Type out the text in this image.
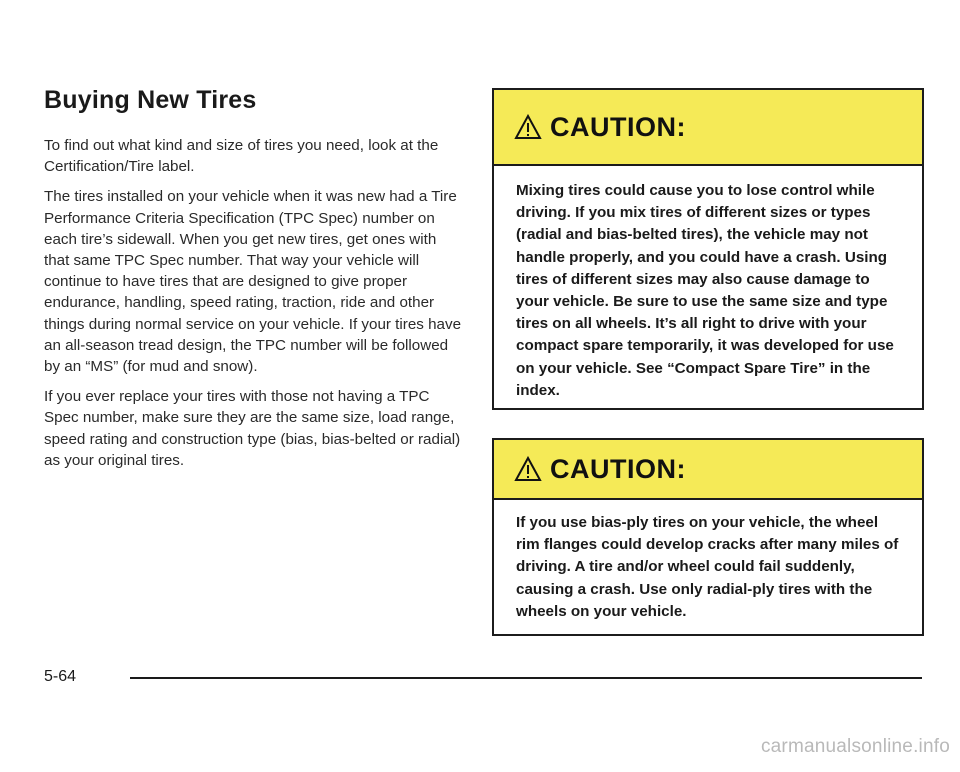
Buying New Tires

To find out what kind and size of tires you need, look at the Certification/Tire label.

The tires installed on your vehicle when it was new had a Tire Performance Criteria Specification (TPC Spec) number on each tire’s sidewall. When you get new tires, get ones with that same TPC Spec number. That way your vehicle will continue to have tires that are designed to give proper endurance, handling, speed rating, traction, ride and other things during normal service on your vehicle. If your tires have an all-season tread design, the TPC number will be followed by an “MS” (for mud and snow).

If you ever replace your tires with those not having a TPC Spec number, make sure they are the same size, load range, speed rating and construction type (bias, bias-belted or radial) as your original tires.

CAUTION:

Mixing tires could cause you to lose control while driving. If you mix tires of different sizes or types (radial and bias-belted tires), the vehicle may not handle properly, and you could have a crash. Using tires of different sizes may also cause damage to your vehicle. Be sure to use the same size and type tires on all wheels. It’s all right to drive with your compact spare temporarily, it was developed for use on your vehicle. See “Compact Spare Tire” in the index.

CAUTION:

If you use bias-ply tires on your vehicle, the wheel rim flanges could develop cracks after many miles of driving. A tire and/or wheel could fail suddenly, causing a crash. Use only radial-ply tires with the wheels on your vehicle.

5-64
carmanualsonline.info
